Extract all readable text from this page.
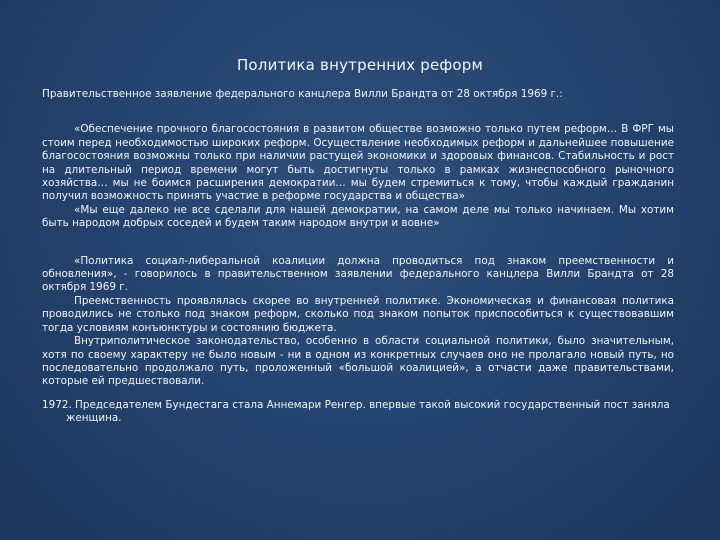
Политика внутренних реформ

Правительственное заявление федерального канцлера Вилли Брандта от 28 октября 1969 г.:

«Обеспечение прочного благосостояния в развитом обществе возможно только путем реформ… В ФРГ мы стоим перед необходимостью широких реформ. Осуществление необходимых реформ и дальнейшее повышение благосостояния возможны только при наличии растущей экономики и здоровых финансов. Стабильность и рост на длительный период времени могут быть достигнуты только в рамках жизнеспособного рыночного хозяйства… мы не боимся расширения демократии… мы будем стремиться к тому, чтобы каждый гражданин получил возможность принять участие в реформе государства и общества»

«Мы еще далеко не все сделали для нашей демократии, на самом деле мы только начинаем. Мы хотим быть народом добрых соседей и будем таким народом внутри и вовне»

«Политика социал-либеральной коалиции должна проводиться под знаком преемственности и обновления», - говорилось в правительственном заявлении федерального канцлера Вилли Брандта от 28 октября 1969 г.

Преемственность проявлялась скорее во внутренней политике. Экономическая и финансовая политика проводились не столько под знаком реформ, сколько под знаком попыток приспособиться к существовавшим тогда условиям конъюнктуры и состоянию бюджета.

Внутриполитическое законодательство, особенно в области социальной политики, было значительным, хотя по своему характеру не было новым - ни в одном из конкретных случаев оно не пролагало новый путь, но последовательно продолжало путь, проложенный «большой коалицией», а отчасти даже правительствами, которые ей предшествовали.

1972. Председателем Бундестага стала Аннемари Ренгер. впервые такой высокий государственный пост заняла женщина.
